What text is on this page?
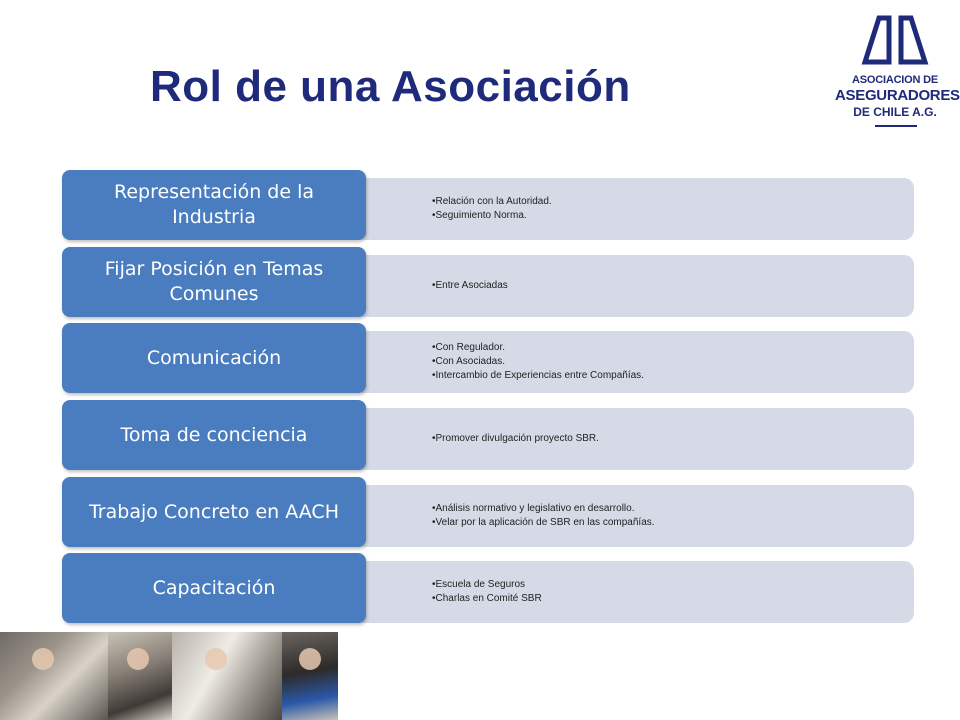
Rol de una Asociación	ASOCIACION DE
ASEGURADORES
DE CHILE A.G.
• Relación con la Autoridad.
• Seguimiento Norma.
Representación de la Industria
• Entre Asociadas
Fijar Posición en Temas Comunes
• Con Regulador.
• Con Asociadas.
• Intercambio de Experiencias entre Compañías.
Comunicación
• Promover divulgación proyecto SBR.
Toma de conciencia
• Análisis normativo y legislativo en desarrollo.
• Velar por la aplicación de SBR en las compañías.
Trabajo Concreto en AACH
• Escuela de Seguros
• Charlas en Comité SBR
Capacitación
